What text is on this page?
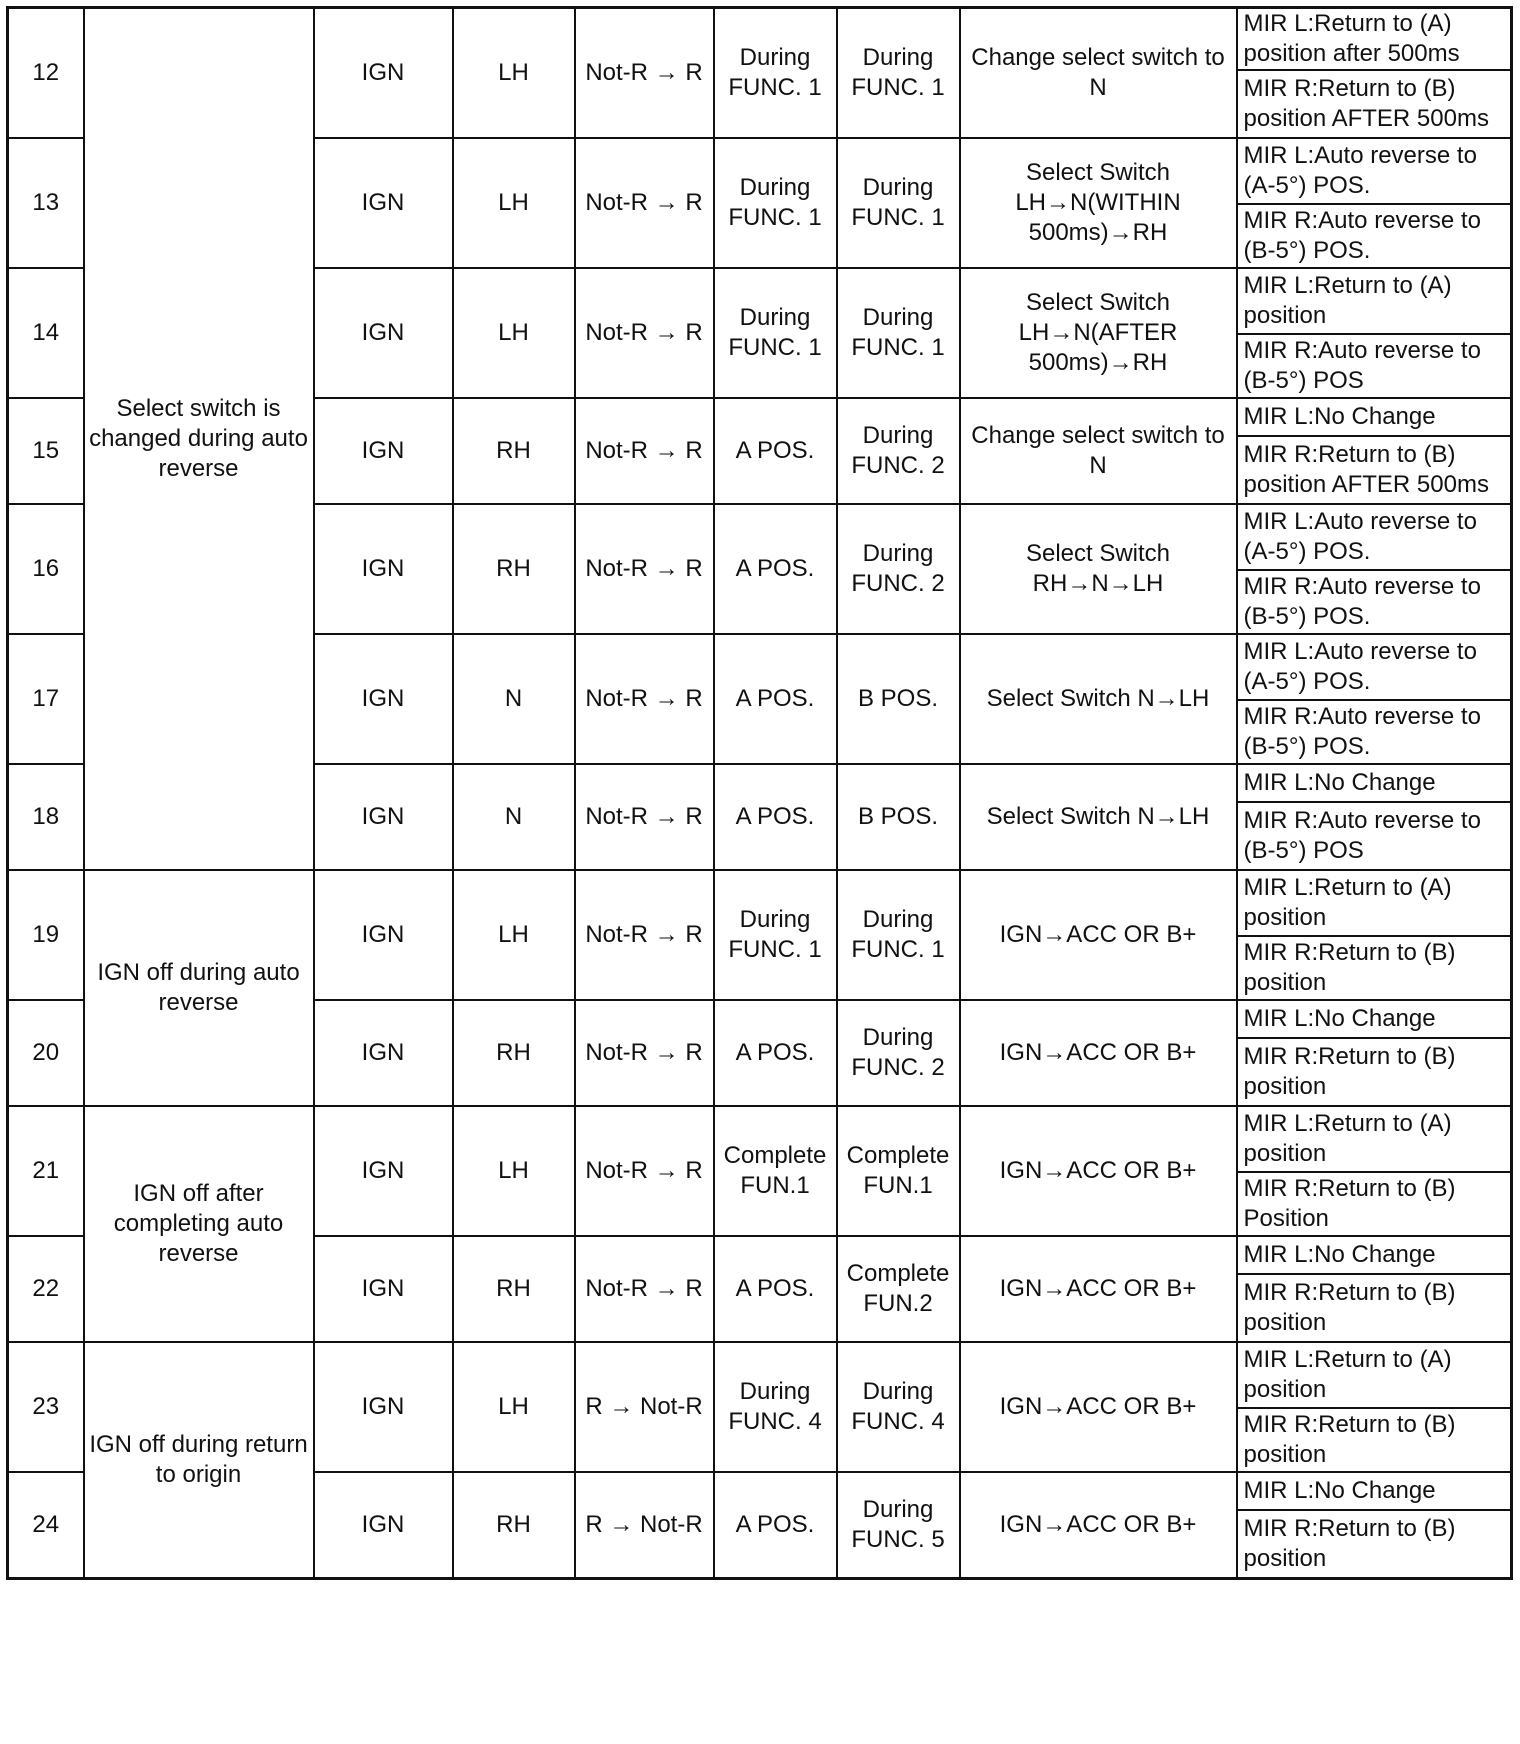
12	Select switch is changed during auto reverse	IGN	LH	Not-R → R	During FUNC. 1	During FUNC. 1	Change select switch to N	MIR L:Return to (A) position after 500ms
								MIR R:Return to (B) position AFTER 500ms
13		IGN	LH	Not-R → R	During FUNC. 1	During FUNC. 1	Select Switch LH→N(WITHIN 500ms)→RH	MIR L:Auto reverse to (A-5°) POS.
								MIR R:Auto reverse to (B-5°) POS.
14		IGN	LH	Not-R → R	During FUNC. 1	During FUNC. 1	Select Switch LH→N(AFTER 500ms)→RH	MIR L:Return to (A) position
								MIR R:Auto reverse to (B-5°) POS
15		IGN	RH	Not-R → R	A POS.	During FUNC. 2	Change select switch to N	MIR L:No Change
								MIR R:Return to (B) position AFTER 500ms
16		IGN	RH	Not-R → R	A POS.	During FUNC. 2	Select Switch RH→N→LH	MIR L:Auto reverse to (A-5°) POS.
								MIR R:Auto reverse to (B-5°) POS.
17		IGN	N	Not-R → R	A POS.	B POS.	Select Switch N→LH	MIR L:Auto reverse to (A-5°) POS.
								MIR R:Auto reverse to (B-5°) POS.
18		IGN	N	Not-R → R	A POS.	B POS.	Select Switch N→LH	MIR L:No Change
								MIR R:Auto reverse to (B-5°) POS
19	IGN off during auto reverse	IGN	LH	Not-R → R	During FUNC. 1	During FUNC. 1	IGN→ACC OR B+	MIR L:Return to (A) position
								MIR R:Return to (B) position
20		IGN	RH	Not-R → R	A POS.	During FUNC. 2	IGN→ACC OR B+	MIR L:No Change
								MIR R:Return to (B) position
21	IGN off after completing auto reverse	IGN	LH	Not-R → R	Complete FUN.1	Complete FUN.1	IGN→ACC OR B+	MIR L:Return to (A) position
								MIR R:Return to (B) Position
22		IGN	RH	Not-R → R	A POS.	Complete FUN.2	IGN→ACC OR B+	MIR L:No Change
								MIR R:Return to (B) position
23	IGN off during return to origin	IGN	LH	R → Not-R	During FUNC. 4	During FUNC. 4	IGN→ACC OR B+	MIR L:Return to (A) position
								MIR R:Return to (B) position
24		IGN	RH	R → Not-R	A POS.	During FUNC. 5	IGN→ACC OR B+	MIR L:No Change
								MIR R:Return to (B) position
